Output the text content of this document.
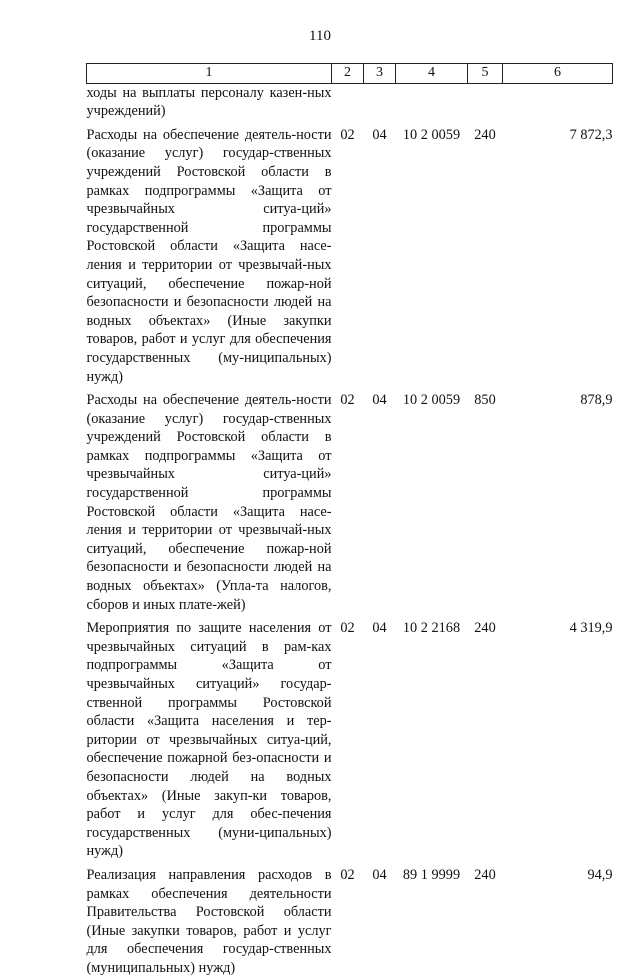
110
1	2	3	4	5	6
ходы на выплаты персоналу казен-ных учреждений)					
Расходы на обеспечение деятель-ности (оказание услуг) государ-ственных учреждений Ростовской области в рамках подпрограммы «Защита от чрезвычайных ситуа-ций» государственной программы Ростовской области «Защита насе-ления и территории от чрезвычай-ных ситуаций, обеспечение пожар-ной безопасности и безопасности людей на водных объектах» (Иные закупки товаров, работ и услуг для обеспечения государственных (му-ниципальных) нужд)	02	04	10 2 0059	240	7 872,3
Расходы на обеспечение деятель-ности (оказание услуг) государ-ственных учреждений Ростовской области в рамках подпрограммы «Защита от чрезвычайных ситуа-ций» государственной программы Ростовской области «Защита насе-ления и территории от чрезвычай-ных ситуаций, обеспечение пожар-ной безопасности и безопасности людей на водных объектах» (Упла-та налогов, сборов и иных плате-жей)	02	04	10 2 0059	850	878,9
Мероприятия по защите населения от чрезвычайных ситуаций в рам-ках подпрограммы «Защита от чрезвычайных ситуаций» государ-ственной программы Ростовской области «Защита населения и тер-ритории от чрезвычайных ситуа-ций, обеспечение пожарной без-опасности и безопасности людей на водных объектах» (Иные закуп-ки товаров, работ и услуг для обес-печения государственных (муни-ципальных) нужд)	02	04	10 2 2168	240	4 319,9
Реализация направления расходов в рамках обеспечения деятельности Правительства Ростовской области (Иные закупки товаров, работ и услуг для обеспечения государ-ственных (муниципальных) нужд)	02	04	89 1 9999	240	94,9
